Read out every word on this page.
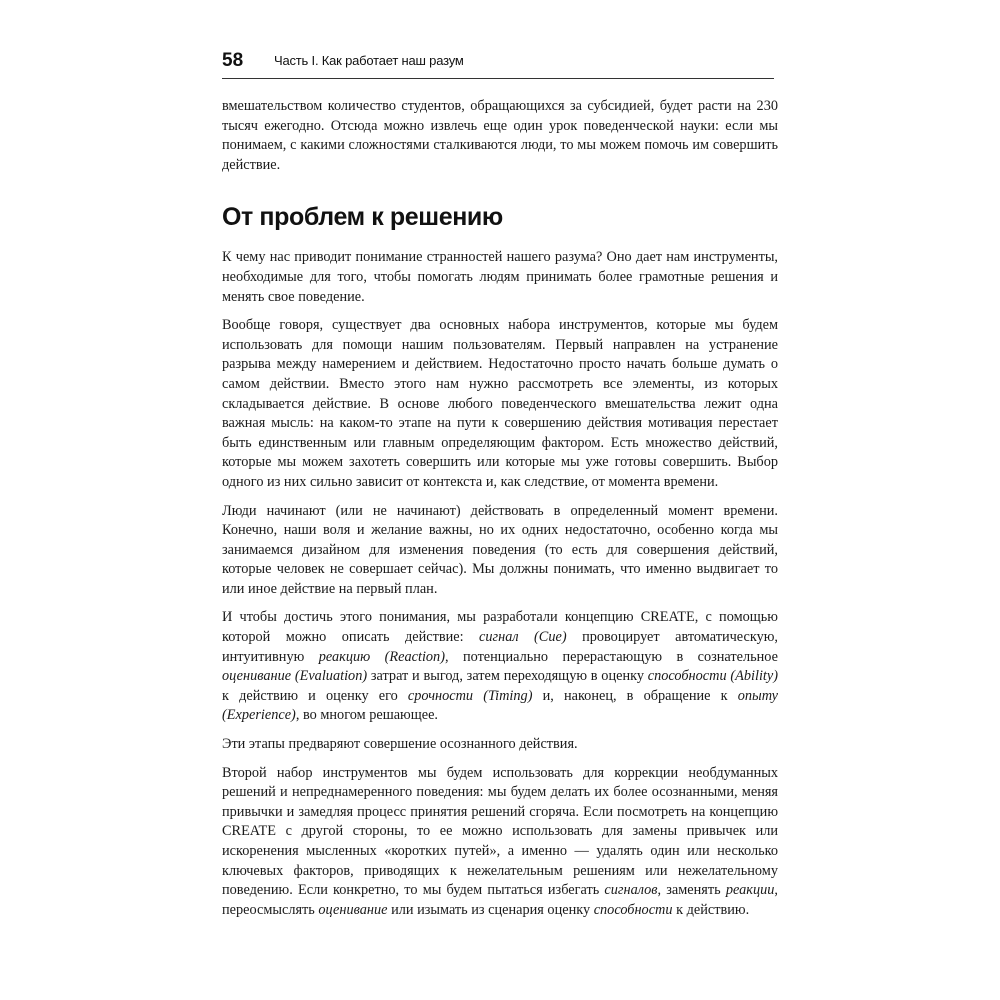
58 Часть I. Как работает наш разум

вмешательством количество студентов, обращающихся за субсидией, будет расти на 230 тысяч ежегодно. Отсюда можно извлечь еще один урок поведенческой науки: если мы понимаем, с какими сложностями сталкиваются люди, то мы можем помочь им совершить действие.

От проблем к решению

К чему нас приводит понимание странностей нашего разума? Оно дает нам инструменты, необходимые для того, чтобы помогать людям принимать более грамотные решения и менять свое поведение.

Вообще говоря, существует два основных набора инструментов, которые мы будем использовать для помощи нашим пользователям. Первый направлен на устранение разрыва между намерением и действием. Недостаточно просто начать больше думать о самом действии. Вместо этого нам нужно рассмотреть все элементы, из которых складывается действие. В основе любого поведенческого вмешательства лежит одна важная мысль: на каком-то этапе на пути к совершению действия мотивация перестает быть единственным или главным определяющим фактором. Есть множество действий, которые мы можем захотеть совершить или которые мы уже готовы совершить. Выбор одного из них сильно зависит от контекста и, как следствие, от момента времени.

Люди начинают (или не начинают) действовать в определенный момент времени. Конечно, наши воля и желание важны, но их одних недостаточно, особенно когда мы занимаемся дизайном для изменения поведения (то есть для совершения действий, которые человек не совершает сейчас). Мы должны понимать, что именно выдвигает то или иное действие на первый план.

И чтобы достичь этого понимания, мы разработали концепцию CREATE, с помощью которой можно описать действие: сигнал (Cue) провоцирует автоматическую, интуитивную реакцию (Reaction), потенциально перерастающую в сознательное оценивание (Evaluation) затрат и выгод, затем переходящую в оценку способности (Ability) к действию и оценку его срочности (Timing) и, наконец, в обращение к опыту (Experience), во многом решающее.

Эти этапы предваряют совершение осознанного действия.

Второй набор инструментов мы будем использовать для коррекции необдуманных решений и непреднамеренного поведения: мы будем делать их более осознанными, меняя привычки и замедляя процесс принятия решений сгоряча. Если посмотреть на концепцию CREATE с другой стороны, то ее можно использовать для замены привычек или искоренения мысленных «коротких путей», а именно — удалять один или несколько ключевых факторов, приводящих к нежелательным решениям или нежелательному поведению. Если конкретно, то мы будем пытаться избегать сигналов, заменять реакции, переосмыслять оценивание или изымать из сценария оценку способности к действию.
